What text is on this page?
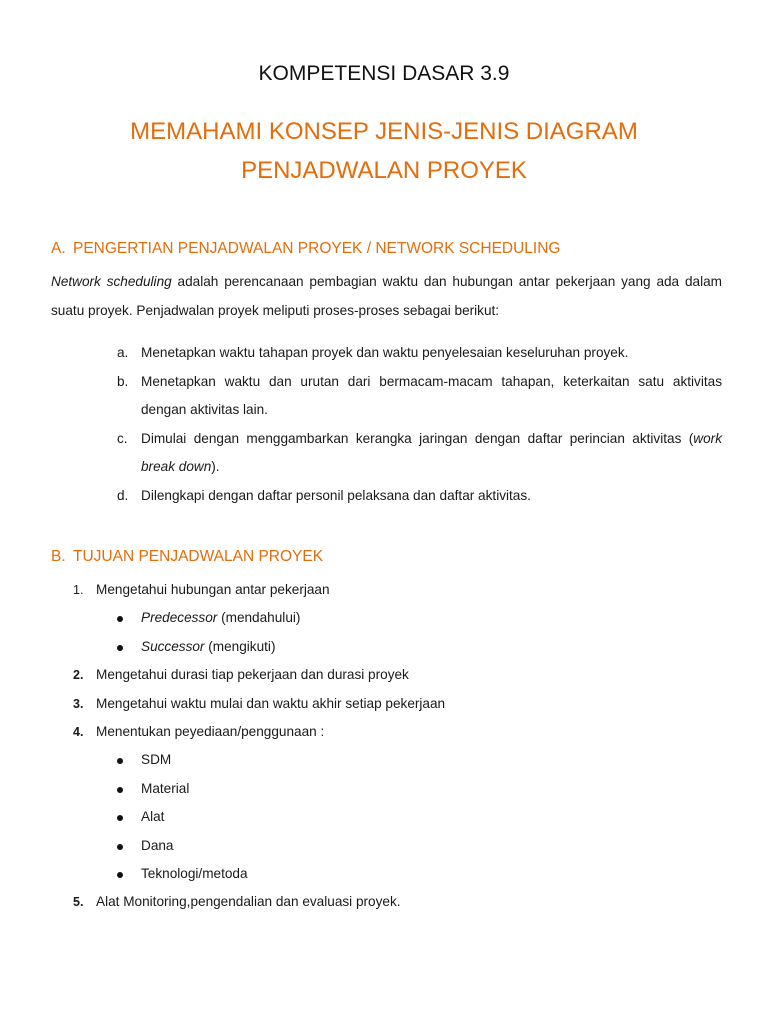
KOMPETENSI DASAR 3.9
MEMAHAMI KONSEP JENIS-JENIS DIAGRAM
PENJADWALAN PROYEK
A. PENGERTIAN PENJADWALAN PROYEK / NETWORK SCHEDULING
Network scheduling adalah perencanaan pembagian waktu dan hubungan antar pekerjaan yang ada dalam suatu proyek. Penjadwalan proyek meliputi proses-proses sebagai berikut:
a. Menetapkan waktu tahapan proyek dan waktu penyelesaian keseluruhan proyek.
b. Menetapkan waktu dan urutan dari bermacam-macam tahapan, keterkaitan satu aktivitas dengan aktivitas lain.
c. Dimulai dengan menggambarkan kerangka jaringan dengan daftar perincian aktivitas (work break down).
d. Dilengkapi dengan daftar personil pelaksana dan daftar aktivitas.
B. TUJUAN PENJADWALAN PROYEK
1. Mengetahui hubungan antar pekerjaan
Predecessor (mendahului)
Successor (mengikuti)
2. Mengetahui durasi tiap pekerjaan dan durasi proyek
3. Mengetahui waktu mulai dan waktu akhir setiap pekerjaan
4. Menentukan peyediaan/penggunaan :
SDM
Material
Alat
Dana
Teknologi/metoda
5. Alat Monitoring,pengendalian dan evaluasi proyek.
